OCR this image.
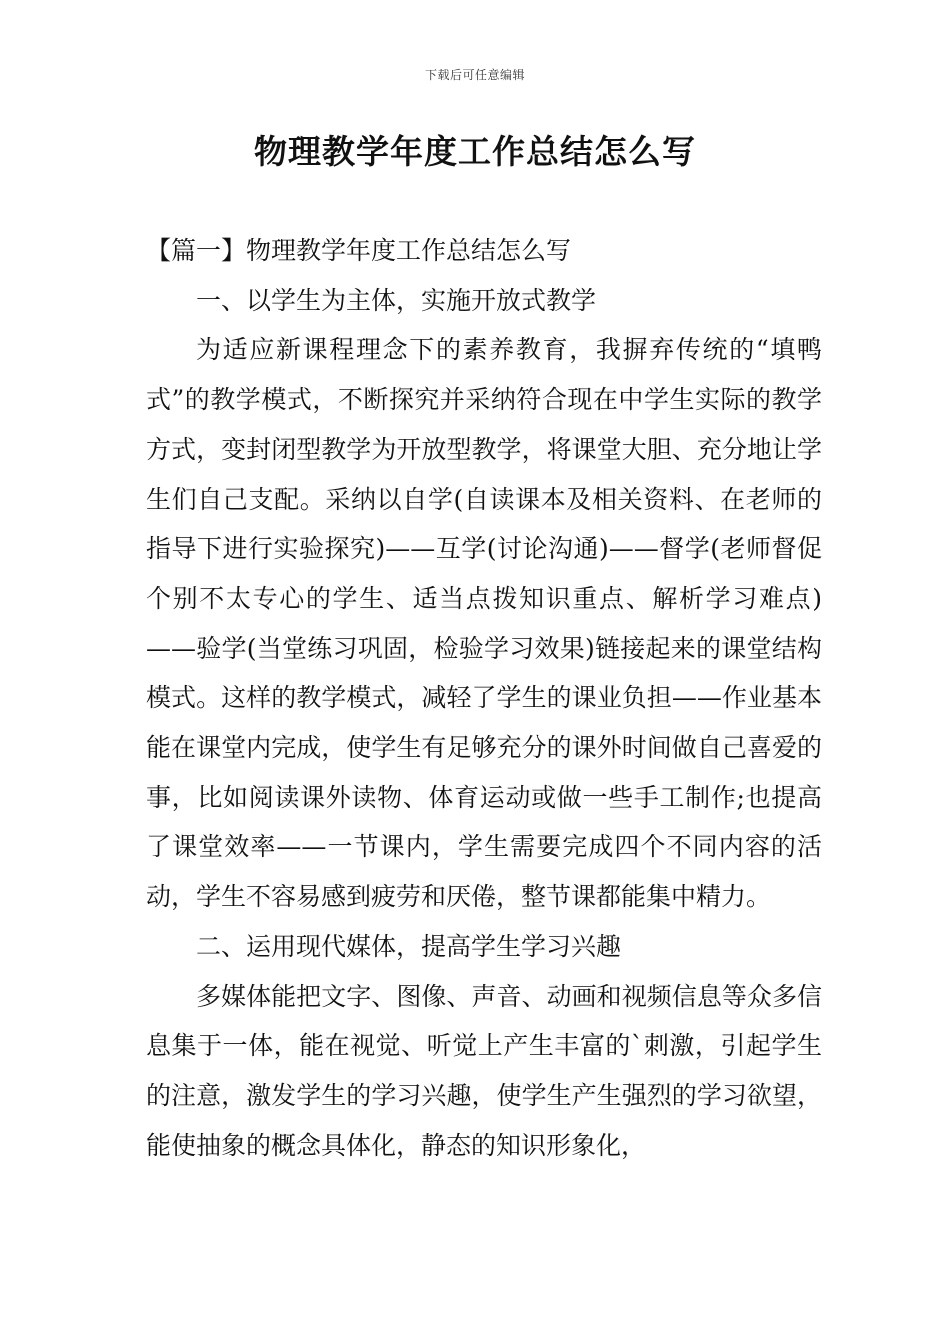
下载后可任意编辑
物理教学年度工作总结怎么写

【篇一】物理教学年度工作总结怎么写

一、以学生为主体，实施开放式教学

为适应新课程理念下的素养教育，我摒弃传统的“填鸭式”的教学模式，不断探究并采纳符合现在中学生实际的教学方式，变封闭型教学为开放型教学，将课堂大胆、充分地让学生们自己支配。采纳以自学(自读课本及相关资料、在老师的指导下进行实验探究)——互学(讨论沟通)——督学(老师督促个别不太专心的学生、适当点拨知识重点、解析学习难点)——验学(当堂练习巩固，检验学习效果)链接起来的课堂结构模式。这样的教学模式，减轻了学生的课业负担——作业基本能在课堂内完成，使学生有足够充分的课外时间做自己喜爱的事，比如阅读课外读物、体育运动或做一些手工制作;也提高了课堂效率——一节课内，学生需要完成四个不同内容的活动，学生不容易感到疲劳和厌倦，整节课都能集中精力。

二、运用现代媒体，提高学生学习兴趣

多媒体能把文字、图像、声音、动画和视频信息等众多信息集于一体，能在视觉、听觉上产生丰富的`刺激，引起学生的注意，激发学生的学习兴趣，使学生产生强烈的学习欲望，能使抽象的概念具体化，静态的知识形象化，
